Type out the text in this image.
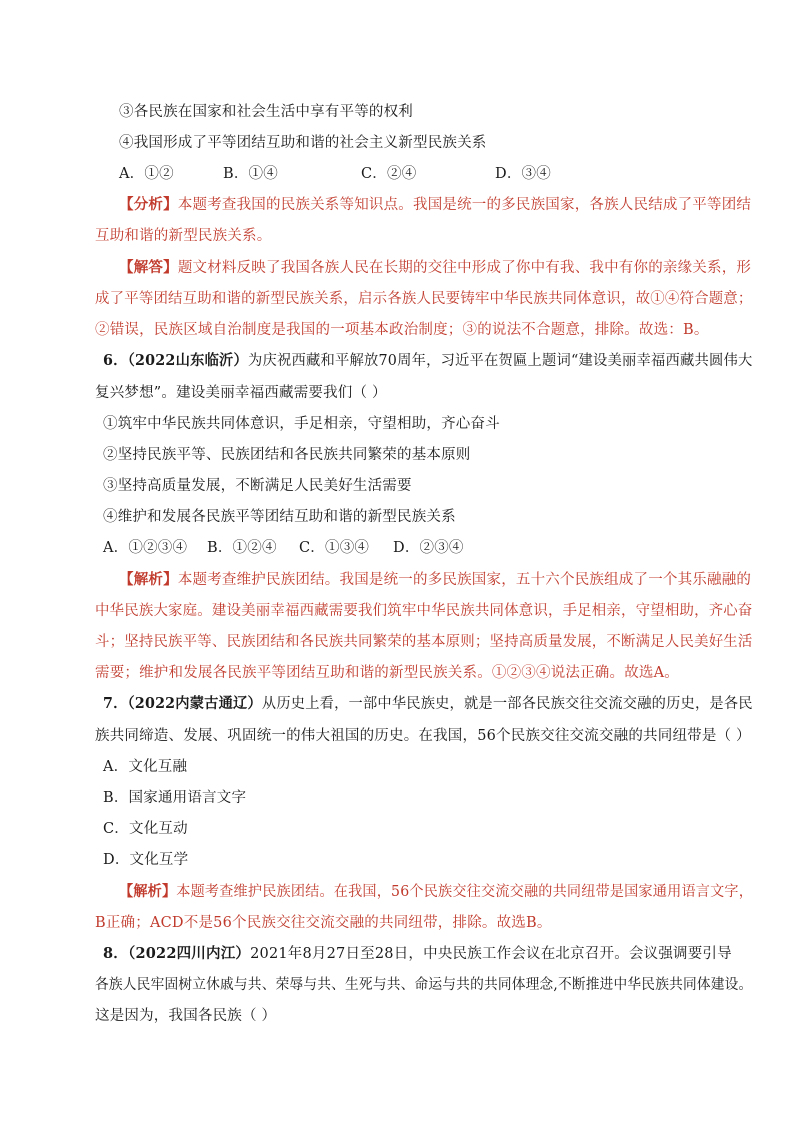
③各民族在国家和社会生活中享有平等的权利
④我国形成了平等团结互助和谐的社会主义新型民族关系
A．①②	B．①④	C．②④	D．③④
【分析】本题考查我国的民族关系等知识点。我国是统一的多民族国家，各族人民结成了平等团结
互助和谐的新型民族关系。
【解答】题文材料反映了我国各族人民在长期的交往中形成了你中有我、我中有你的亲缘关系，形
成了平等团结互助和谐的新型民族关系，启示各族人民要铸牢中华民族共同体意识，故①④符合题意；
②错误，民族区域自治制度是我国的一项基本政治制度；③的说法不合题意，排除。故选：B。
6．（2022山东临沂）为庆祝西藏和平解放70周年，习近平在贺匾上题词“建设美丽幸福西藏共圆伟大
复兴梦想”。建设美丽幸福西藏需要我们（ ）
①筑牢中华民族共同体意识，手足相亲，守望相助，齐心奋斗
②坚持民族平等、民族团结和各民族共同繁荣的基本原则
③坚持高质量发展，不断满足人民美好生活需要
④维护和发展各民族平等团结互助和谐的新型民族关系
A．①②③④ B．①②④ C．①③④ D．②③④
【解析】本题考查维护民族团结。我国是统一的多民族国家，五十六个民族组成了一个其乐融融的
中华民族大家庭。建设美丽幸福西藏需要我们筑牢中华民族共同体意识，手足相亲，守望相助，齐心奋
斗；坚持民族平等、民族团结和各民族共同繁荣的基本原则；坚持高质量发展，不断满足人民美好生活
需要；维护和发展各民族平等团结互助和谐的新型民族关系。①②③④说法正确。故选A。
7．（2022内蒙古通辽）从历史上看，一部中华民族史，就是一部各民族交往交流交融的历史，是各民
族共同缔造、发展、巩固统一的伟大祖国的历史。在我国，56个民族交往交流交融的共同纽带是（ ）
A．文化互融
B．国家通用语言文字
C．文化互动
D．文化互学
【解析】本题考查维护民族团结。在我国，56个民族交往交流交融的共同纽带是国家通用语言文字，
B正确；ACD不是56个民族交往交流交融的共同纽带，排除。故选B。
8．（2022四川内江）2021年8月27日至28日，中央民族工作会议在北京召开。会议强调要引导
各族人民牢固树立休戚与共、荣辱与共、生死与共、命运与共的共同体理念,不断推进中华民族共同体建设。
这是因为，我国各民族（ ）
